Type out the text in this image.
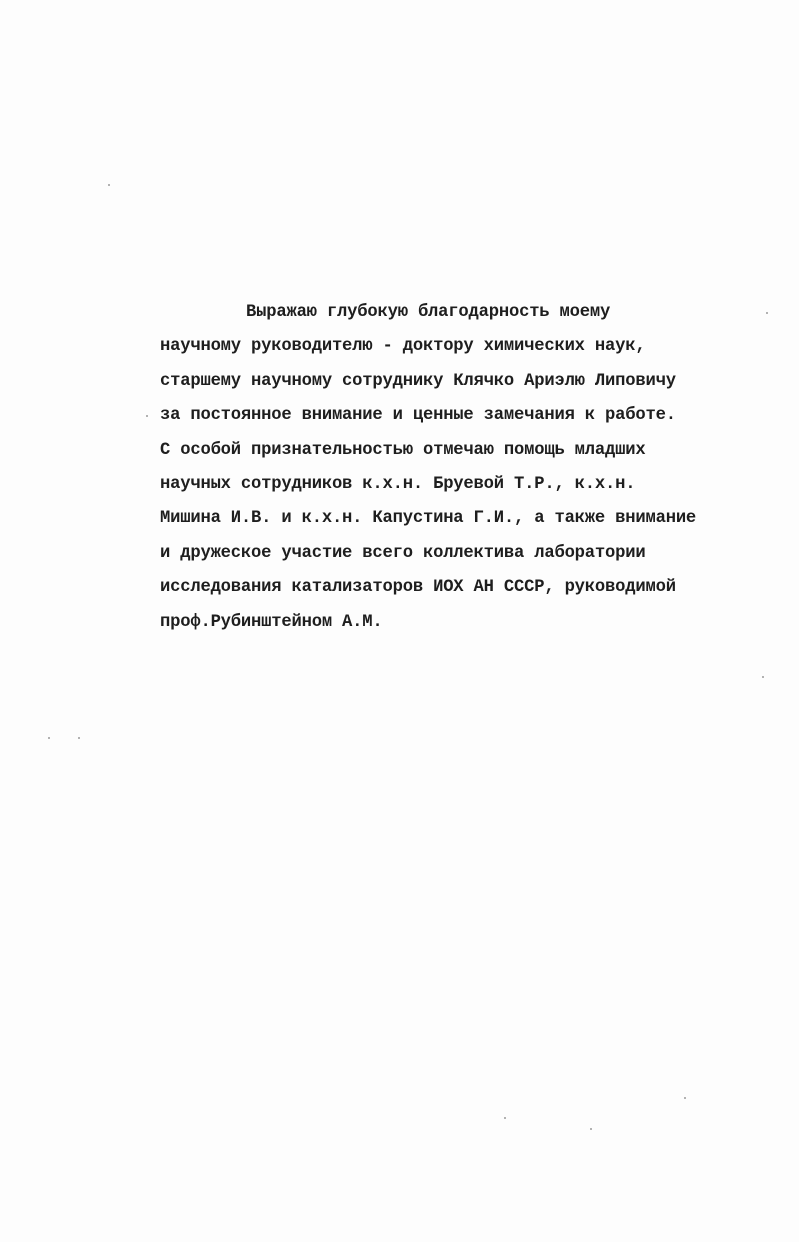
Выражаю глубокую благодарность моему
научному руководителю - доктору химических наук,
старшему научному сотруднику Клячко Ариэлю Липовичу
за постоянное внимание и ценные замечания к работе.
С особой признательностью отмечаю помощь младших
научных сотрудников к.х.н. Бруевой Т.Р., к.х.н.
Мишина И.В. и к.х.н. Капустина Г.И., а также внимание
и дружеское участие всего коллектива лаборатории
исследования катализаторов ИОХ АН СССР, руководимой
проф.Рубинштейном А.М.
